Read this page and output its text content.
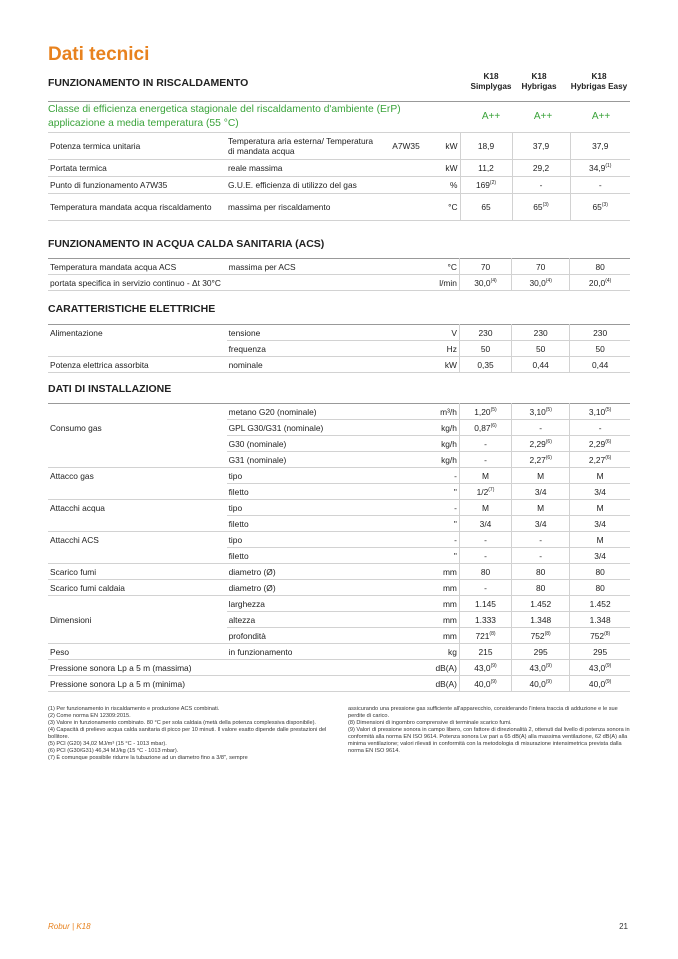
Dati tecnici
FUNZIONAMENTO IN RISCALDAMENTO
K18
Simplygas
K18
Hybrigas
K18
Hybrigas Easy
Classe di efficienza energetica stagionale del riscaldamento d'ambiente (ErP) applicazione a media temperatura (55 °C)
A++	A++	A++
Potenza termica unitaria	Temperatura aria esterna/ Temperatura di mandata acqua	A7W35	kW	18,9	37,9	37,9
Portata termica	reale massima		kW	11,2	29,2	34,9$^{(1)}$
Punto di funzionamento A7W35	G.U.E. efficienza di utilizzo del gas		%	169$^{(2)}$	-	-
Temperatura mandata acqua riscaldamento	massima per riscaldamento		°C	65	65$^{(3)}$	65$^{(3)}$
FUNZIONAMENTO IN ACQUA CALDA SANITARIA (ACS)
Temperatura mandata acqua ACS	massima per ACS	°C	70	70	80
portata specifica in servizio continuo - Δt 30°C		l/min	30,0$^{(4)}$	30,0$^{(4)}$	20,0$^{(4)}$
CARATTERISTICHE ELETTRICHE
Alimentazione	tensione	V	230	230	230
	frequenza	Hz	50	50	50
Potenza elettrica assorbita	nominale	kW	0,35	0,44	0,44
DATI DI INSTALLAZIONE
	metano G20 (nominale)	m³/h	1,20$^{(5)}$	3,10$^{(5)}$	3,10$^{(5)}$
Consumo gas	GPL G30/G31 (nominale)	kg/h	0,87$^{(6)}$	-	-
	G30 (nominale)	kg/h	-	2,29$^{(6)}$	2,29$^{(6)}$
	G31 (nominale)	kg/h	-	2,27$^{(6)}$	2,27$^{(6)}$
Attacco gas	tipo	-	M	M	M
	filetto	"	1/2$^{(7)}$	3/4	3/4
Attacchi acqua	tipo	-	M	M	M
	filetto	"	3/4	3/4	3/4
Attacchi ACS	tipo	-	-	-	M
	filetto	"	-	-	3/4
Scarico fumi	diametro (Ø)	mm	80	80	80
Scarico fumi caldaia	diametro (Ø)	mm	-	80	80
	larghezza	mm	1.145	1.452	1.452
Dimensioni	altezza	mm	1.333	1.348	1.348
	profondità	mm	721$^{(8)}$	752$^{(8)}$	752$^{(8)}$
Peso	in funzionamento	kg	215	295	295
Pressione sonora Lp a 5 m (massima)		dB(A)	43,0$^{(9)}$	43,0$^{(9)}$	43,0$^{(9)}$
Pressione sonora Lp a 5 m (minima)		dB(A)	40,0$^{(9)}$	40,0$^{(9)}$	40,0$^{(9)}$
(1) Per funzionamento in riscaldamento e produzione ACS combinati.
(2) Come norma EN 12309:2015.
(3) Valore in funzionamento combinato. 80 °C per sola caldaia (metà della potenza complessiva disponibile).
(4) Capacità di prelievo acqua calda sanitaria di picco per 10 minuti. Il valore esatto dipende dalle prestazioni del bollitore.
(5) PCI (G20) 34,02 MJ/m³ (15 °C - 1013 mbar).
(6) PCI (G30/G31) 46,34 MJ/kg (15 °C - 1013 mbar).
(7) È comunque possibile ridurre la tubazione ad un diametro fino a 3/8", sempre
assicurando una pressione gas sufficiente all'apparecchio, considerando l'intera traccia di adduzione e le sue perdite di carico.
(8) Dimensioni di ingombro comprensive di terminale scarico fumi.
(9) Valori di pressione sonora in campo libero, con fattore di direzionalità 2, ottenuti dal livello di potenza sonora in conformità alla norma EN ISO 9614. Potenza sonora Lw pari a 65 dB(A) alla massima ventilazione, 62 dB(A) alla minima ventilazione; valori rilevati in conformità con la metodologia di misurazione intensimetrica prevista dalla norma EN ISO 9614.
Robur | K18	21
